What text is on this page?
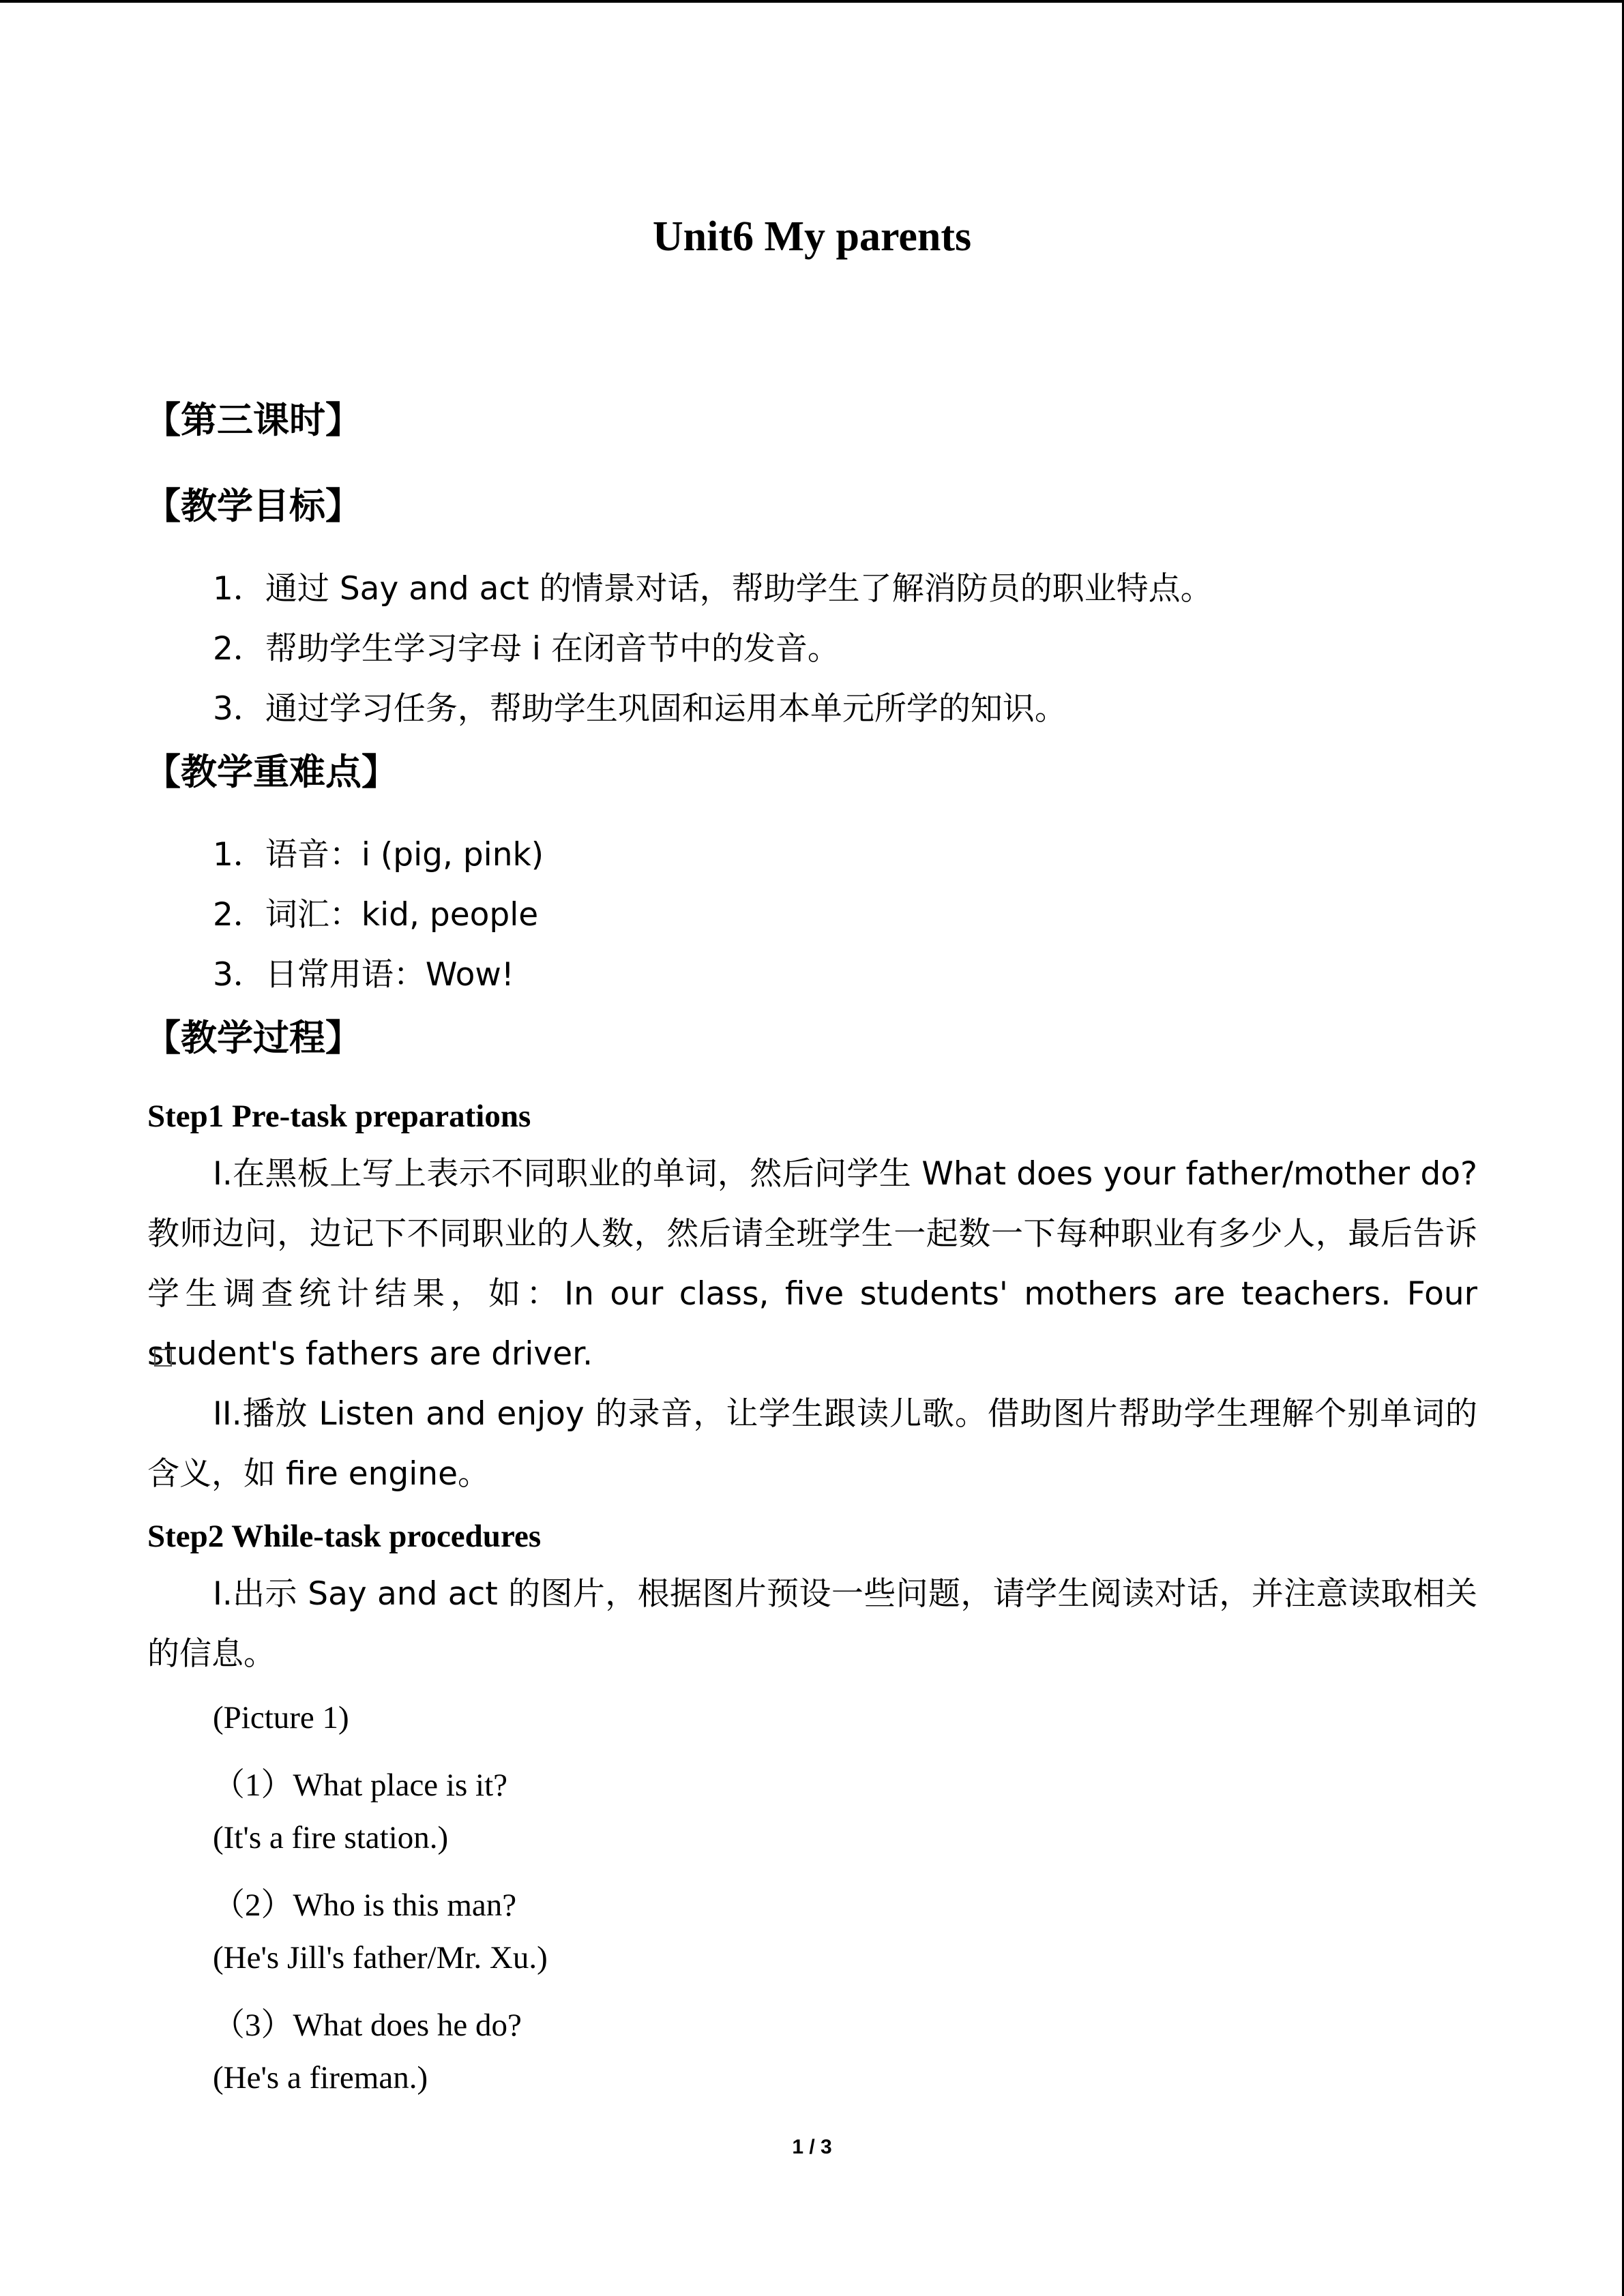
Unit6 My parents
【第三课时】
【教学目标】
1．通过 Say and act 的情景对话，帮助学生了解消防员的职业特点。
2．帮助学生学习字母 i 在闭音节中的发音。
3．通过学习任务，帮助学生巩固和运用本单元所学的知识。
【教学重难点】
1．语音：i (pig, pink)
2．词汇：kid, people
3．日常用语：Wow!
【教学过程】
Step1 Pre-task preparations
I.在黑板上写上表示不同职业的单词，然后问学生 What does your father/mother do?教师边问，边记下不同职业的人数，然后请全班学生一起数一下每种职业有多少人，最后告诉学生调查统计结果，如：In our class, five students' mothers are teachers. Four student's fathers are driver.
II.播放 Listen and enjoy 的录音，让学生跟读儿歌。借助图片帮助学生理解个别单词的含义，如 fire engine。
Step2 While-task procedures
I.出示 Say and act 的图片，根据图片预设一些问题，请学生阅读对话，并注意读取相关的信息。
(Picture 1)
（1）What place is it?
(It's a fire station.)
（2）Who is this man?
(He's Jill's father/Mr. Xu.)
（3）What does he do?
(He's a fireman.)
1 / 3
